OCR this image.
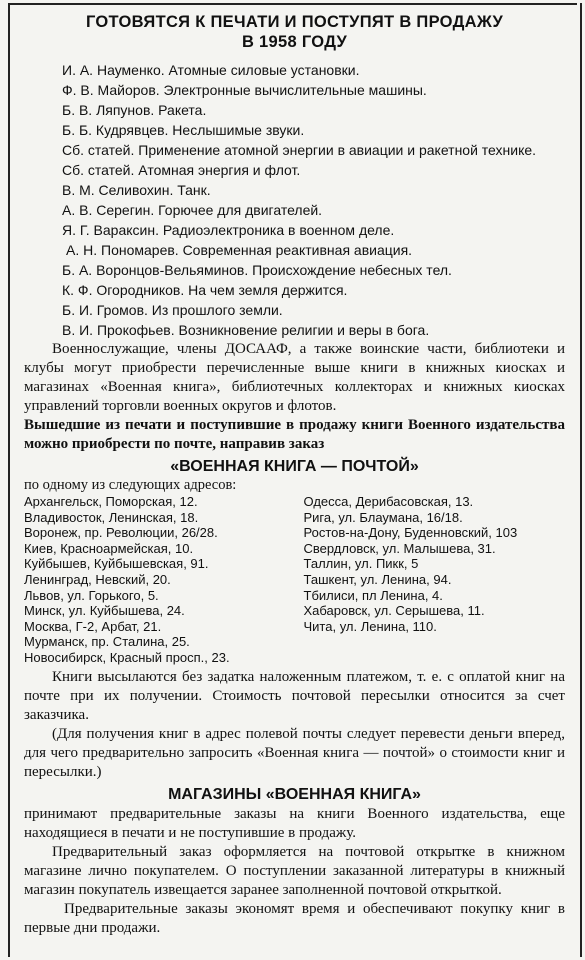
ГОТОВЯТСЯ К ПЕЧАТИ И ПОСТУПЯТ В ПРОДАЖУ
В 1958 ГОДУ

И. А. Науменко. Атомные силовые установки.

Ф. В. Майоров. Электронные вычислительные машины.

Б. В. Ляпунов. Ракета.

Б. Б. Кудрявцев. Неслышимые звуки.

Сб. статей. Применение атомной энергии в авиации и ракетной технике.

Сб. статей. Атомная энергия и флот.

В. М. Селивохин. Танк.

А. В. Серегин. Горючее для двигателей.

Я. Г. Вараксин. Радиоэлектроника в военном деле.

А. Н. Пономарев. Современная реактивная авиация.

Б. А. Воронцов-Вельяминов. Происхождение небесных тел.

К. Ф. Огородников. На чем земля держится.

Б. И. Громов. Из прошлого земли.

В. И. Прокофьев. Возникновение религии и веры в бога.

Военнослужащие, члены ДОСААФ, а также воинские части, библиотеки и клубы могут приобрести перечисленные выше книги в книжных киосках и магазинах «Военная книга», библиотечных коллекторах и книжных киосках управлений торговли военных округов и флотов.

Вышедшие из печати и поступившие в продажу книги Военного издательства можно приобрести по почте, направив заказ

«ВОЕННАЯ КНИГА — ПОЧТОЙ»

по одному из следующих адресов:

Архангельск, Поморская, 12.

Владивосток, Ленинская, 18.

Воронеж, пр. Революции, 26/28.

Киев, Красноармейская, 10.

Куйбышев, Куйбышевская, 91.

Ленинград, Невский, 20.

Львов, ул. Горького, 5.

Минск, ул. Куйбышева, 24.

Москва, Г-2, Арбат, 21.

Мурманск, пр. Сталина, 25.

Новосибирск, Красный просп., 23.

Одесса, Дерибасовская, 13.

Рига, ул. Блаумана, 16/18.

Ростов-на-Дону, Буденновский, 103

Свердловск, ул. Малышева, 31.

Таллин, ул. Пикк, 5

Ташкент, ул. Ленина, 94.

Тбилиси, пл Ленина, 4.

Хабаровск, ул. Серышева, 11.

Чита, ул. Ленина, 110.

Книги высылаются без задатка наложенным платежом, т. е. с оплатой книг на почте при их получении. Стоимость почтовой пересылки относится за счет заказчика.

(Для получения книг в адрес полевой почты следует перевести деньги вперед, для чего предварительно запросить «Военная книга — почтой» о стоимости книг и пересылки.)

МАГАЗИНЫ «ВОЕННАЯ КНИГА»

принимают предварительные заказы на книги Военного издательства, еще находящиеся в печати и не поступившие в продажу.

Предварительный заказ оформляется на почтовой открытке в книжном магазине лично покупателем. О поступлении заказанной литературы в книжный магазин покупатель извещается заранее заполненной почтовой открыткой.

Предварительные заказы экономят время и обеспечивают покупку книг в первые дни продажи.
